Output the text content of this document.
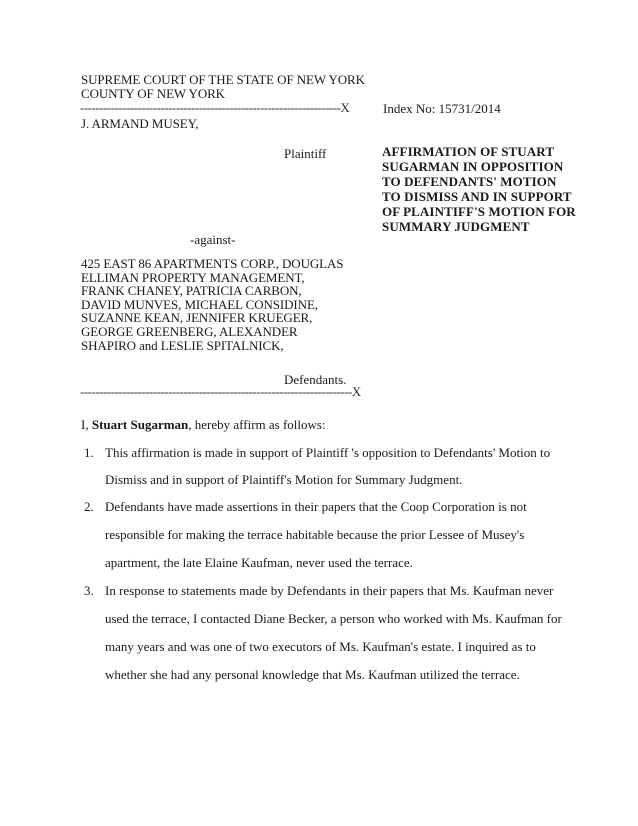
SUPREME COURT OF THE STATE OF NEW YORK
COUNTY OF NEW YORK
--------------------------------------------------------------------X	Index No: 15731/2014
J. ARMAND MUSEY,
Plaintiff	AFFIRMATION OF STUART
SUGARMAN IN OPPOSITION
TO DEFENDANTS' MOTION
TO DISMISS AND IN SUPPORT
OF PLAINTIFF'S MOTION FOR
SUMMARY JUDGMENT
-against-
425 EAST 86 APARTMENTS CORP., DOUGLAS
ELLIMAN PROPERTY MANAGEMENT,
FRANK CHANEY, PATRICIA CARBON,
DAVID MUNVES, MICHAEL CONSIDINE,
SUZANNE KEAN, JENNIFER KRUEGER,
GEORGE GREENBERG, ALEXANDER
SHAPIRO and LESLIE SPITALNICK,
Defendants.
-----------------------------------------------------------------------X
I, Stuart Sugarman, hereby affirm as follows:
1. This affirmation is made in support of Plaintiff 's opposition to Defendants' Motion to
Dismiss and in support of Plaintiff's Motion for Summary Judgment.
2. Defendants have made assertions in their papers that the Coop Corporation is not
responsible for making the terrace habitable because the prior Lessee of Musey's
apartment, the late Elaine Kaufman, never used the terrace.
3. In response to statements made by Defendants in their papers that Ms. Kaufman never
used the terrace, I contacted Diane Becker, a person who worked with Ms. Kaufman for
many years and was one of two executors of Ms. Kaufman's estate. I inquired as to
whether she had any personal knowledge that Ms. Kaufman utilized the terrace.
